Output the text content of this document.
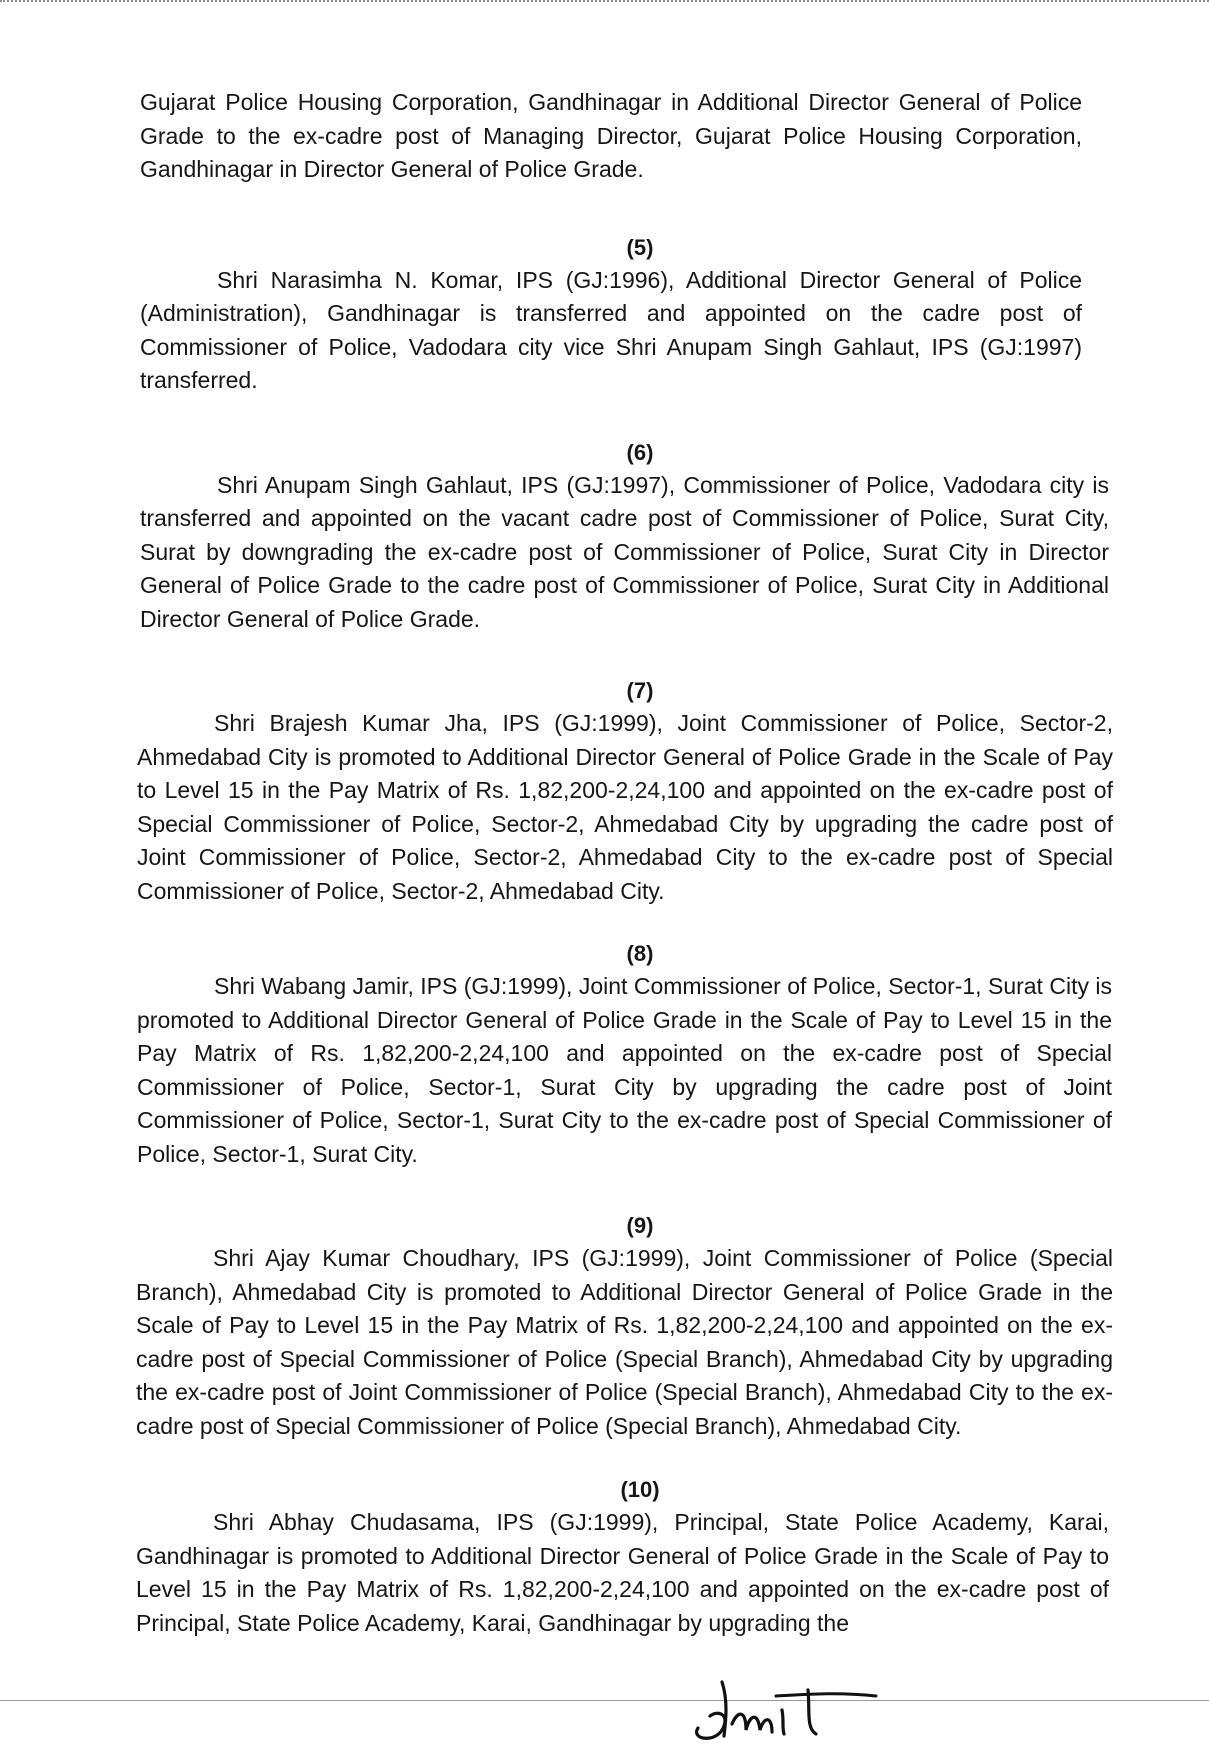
Gujarat Police Housing Corporation, Gandhinagar in Additional Director General of Police Grade to the ex-cadre post of Managing Director, Gujarat Police Housing Corporation, Gandhinagar in Director General of Police Grade.

(5)

Shri Narasimha N. Komar, IPS (GJ:1996), Additional Director General of Police (Administration), Gandhinagar is transferred and appointed on the cadre post of Commissioner of Police, Vadodara city vice Shri Anupam Singh Gahlaut, IPS (GJ:1997) transferred.

(6)

Shri Anupam Singh Gahlaut, IPS (GJ:1997), Commissioner of Police, Vadodara city is transferred and appointed on the vacant cadre post of Commissioner of Police, Surat City, Surat by downgrading the ex-cadre post of Commissioner of Police, Surat City in Director General of Police Grade to the cadre post of Commissioner of Police, Surat City in Additional Director General of Police Grade.

(7)

Shri Brajesh Kumar Jha, IPS (GJ:1999), Joint Commissioner of Police, Sector-2, Ahmedabad City is promoted to Additional Director General of Police Grade in the Scale of Pay to Level 15 in the Pay Matrix of Rs. 1,82,200-2,24,100 and appointed on the ex-cadre post of Special Commissioner of Police, Sector-2, Ahmedabad City by upgrading the cadre post of Joint Commissioner of Police, Sector-2, Ahmedabad City to the ex-cadre post of Special Commissioner of Police, Sector-2, Ahmedabad City.

(8)

Shri Wabang Jamir, IPS (GJ:1999), Joint Commissioner of Police, Sector-1, Surat City is promoted to Additional Director General of Police Grade in the Scale of Pay to Level 15 in the Pay Matrix of Rs. 1,82,200-2,24,100 and appointed on the ex-cadre post of Special Commissioner of Police, Sector-1, Surat City by upgrading the cadre post of Joint Commissioner of Police, Sector-1, Surat City to the ex-cadre post of Special Commissioner of Police, Sector-1, Surat City.

(9)

Shri Ajay Kumar Choudhary, IPS (GJ:1999), Joint Commissioner of Police (Special Branch), Ahmedabad City is promoted to Additional Director General of Police Grade in the Scale of Pay to Level 15 in the Pay Matrix of Rs. 1,82,200-2,24,100 and appointed on the ex-cadre post of Special Commissioner of Police (Special Branch), Ahmedabad City by upgrading the ex-cadre post of Joint Commissioner of Police (Special Branch), Ahmedabad City to the ex-cadre post of Special Commissioner of Police (Special Branch), Ahmedabad City.

(10)

Shri Abhay Chudasama, IPS (GJ:1999), Principal, State Police Academy, Karai, Gandhinagar is promoted to Additional Director General of Police Grade in the Scale of Pay to Level 15 in the Pay Matrix of Rs. 1,82,200-2,24,100 and appointed on the ex-cadre post of Principal, State Police Academy, Karai, Gandhinagar by upgrading the
